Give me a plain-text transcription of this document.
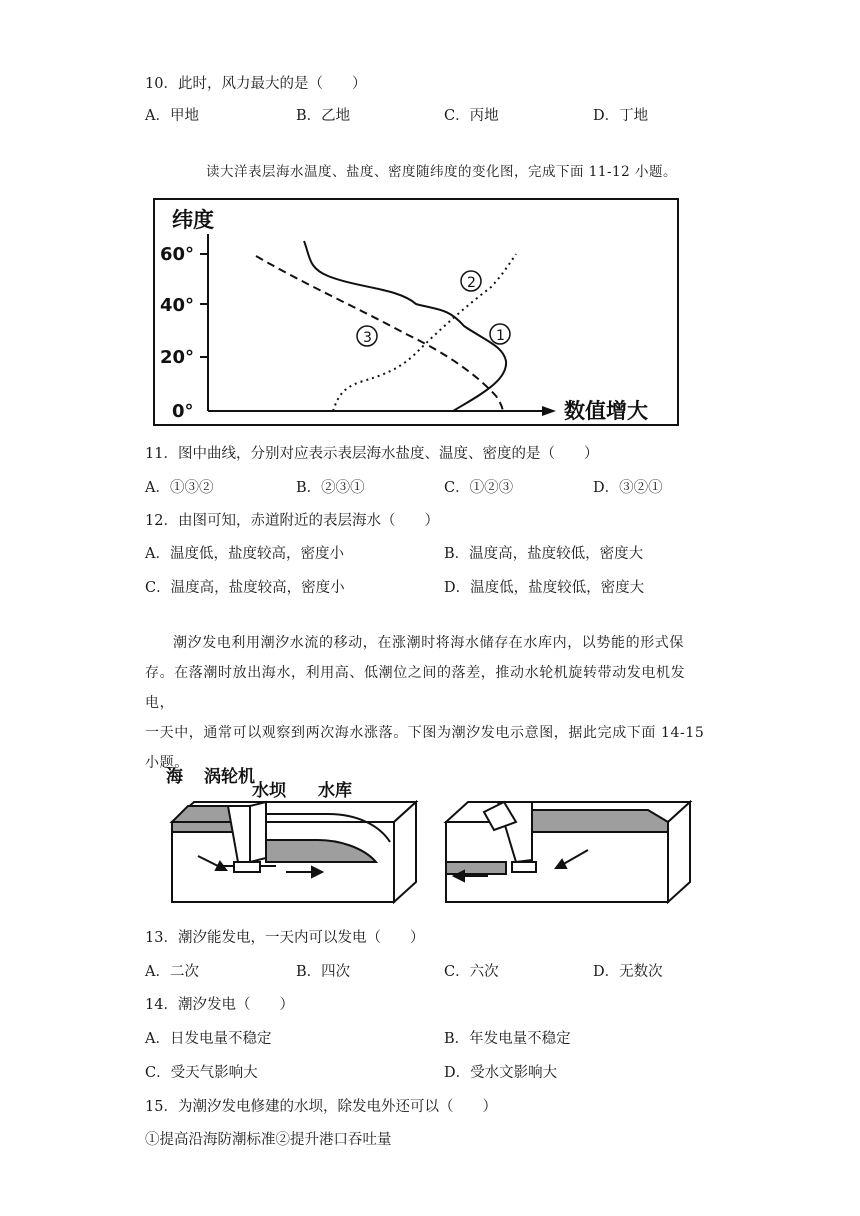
10．此时，风力最大的是（　　）
A．甲地	B．乙地	C．丙地	D．丁地
读大洋表层海水温度、盐度、密度随纬度的变化图，完成下面 11-12 小题。
纬度
数值增大
60°
40°
20°
0°
1
2
3
11．图中曲线，分别对应表示表层海水盐度、温度、密度的是（　　）
A．①③②	B．②③①	C．①②③	D．③②①
12．由图可知，赤道附近的表层海水（　　）
A．温度低，盐度较高，密度小	B．温度高，盐度较低，密度大
C．温度高，盐度较高，密度小	D．温度低，盐度较低，密度大

潮汐发电利用潮汐水流的移动，在涨潮时将海水储存在水库内，以势能的形式保

存。在落潮时放出海水，利用高、低潮位之间的落差，推动水轮机旋转带动发电机发电，

一天中，通常可以观察到两次海水涨落。下图为潮汐发电示意图，据此完成下面 14-15

小题。

海 涡轮机
水坝 水库
13．潮汐能发电，一天内可以发电（　　）
A．二次	B．四次	C．六次	D．无数次
14．潮汐发电（　　）
A．日发电量不稳定	B．年发电量不稳定
C．受天气影响大	D．受水文影响大
15．为潮汐发电修建的水坝，除发电外还可以（　　）
①提高沿海防潮标准②提升港口吞吐量
